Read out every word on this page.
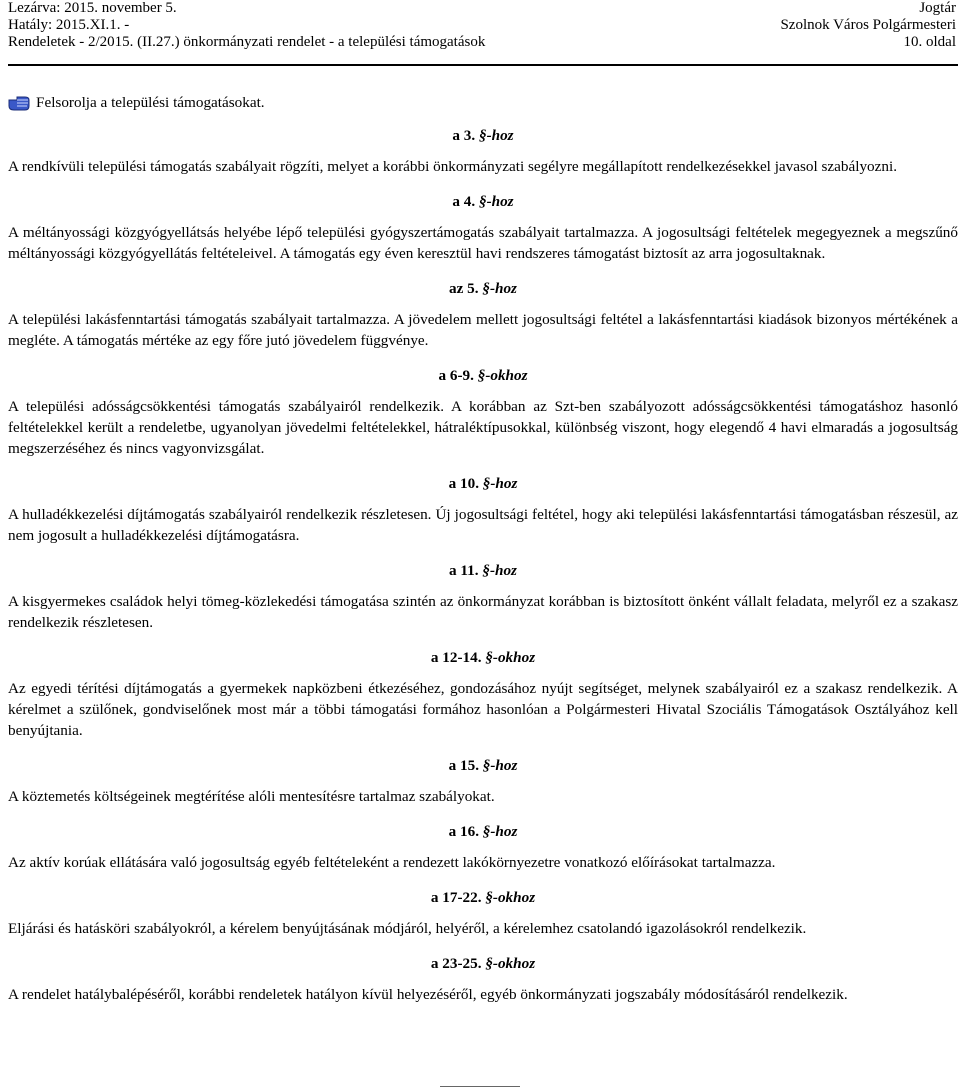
Lezárva: 2015. november 5.
Hatály: 2015.XI.1. -
Rendeletek - 2/2015. (II.27.) önkormányzati rendelet - a települési támogatások
Jogtár
Szolnok Város Polgármesteri
10. oldal
Felsorolja a települési támogatásokat.
a 3. §-hoz
A rendkívüli települési támogatás szabályait rögzíti, melyet a korábbi önkormányzati segélyre megállapított rendelkezésekkel javasol szabályozni.
a 4. §-hoz
A méltányossági közgyógyellátsás helyébe lépő települési gyógyszertámogatás szabályait tartalmazza. A jogosultsági feltételek megegyeznek a megszűnő méltányossági közgyógyellátás feltételeivel. A támogatás egy éven keresztül havi rendszeres támogatást biztosít az arra jogosultaknak.
az 5. §-hoz
A települési lakásfenntartási támogatás szabályait tartalmazza. A jövedelem mellett jogosultsági feltétel a lakásfenntartási kiadások bizonyos mértékének a megléte. A támogatás mértéke az egy főre jutó jövedelem függvénye.
a 6-9. §-okhoz
A települési adósságcsökkentési támogatás szabályairól rendelkezik. A korábban az Szt-ben szabályozott adósságcsökkentési támogatáshoz hasonló feltételekkel került a rendeletbe, ugyanolyan jövedelmi feltételekkel, hátraléktípusokkal, különbség viszont, hogy elegendő 4 havi elmaradás a jogosultság megszerzéséhez és nincs vagyonvizsgálat.
a 10. §-hoz
A hulladékkezelési díjtámogatás szabályairól rendelkezik részletesen. Új jogosultsági feltétel, hogy aki települési lakásfenntartási támogatásban részesül, az nem jogosult a hulladékkezelési díjtámogatásra.
a 11. §-hoz
A kisgyermekes családok helyi tömeg-közlekedési támogatása szintén az önkormányzat korábban is biztosított önként vállalt feladata, melyről ez a szakasz rendelkezik részletesen.
a 12-14. §-okhoz
Az egyedi térítési díjtámogatás a gyermekek napközbeni étkezéséhez, gondozásához nyújt segítséget, melynek szabályairól ez a szakasz rendelkezik. A kérelmet a szülőnek, gondviselőnek most már a többi támogatási formához hasonlóan a Polgármesteri Hivatal Szociális Támogatások Osztályához kell benyújtania.
a 15. §-hoz
A köztemetés költségeinek megtérítése alóli mentesítésre tartalmaz szabályokat.
a 16. §-hoz
Az aktív korúak ellátására való jogosultság egyéb feltételeként a rendezett lakókörnyezetre vonatkozó előírásokat tartalmazza.
a 17-22. §-okhoz
Eljárási és hatásköri szabályokról, a kérelem benyújtásának módjáról, helyéről, a kérelemhez csatolandó igazolásokról rendelkezik.
a 23-25. §-okhoz
A rendelet hatálybalépéséről, korábbi rendeletek hatályon kívül helyezéséről, egyéb önkormányzati jogszabály módosításáról rendelkezik.
